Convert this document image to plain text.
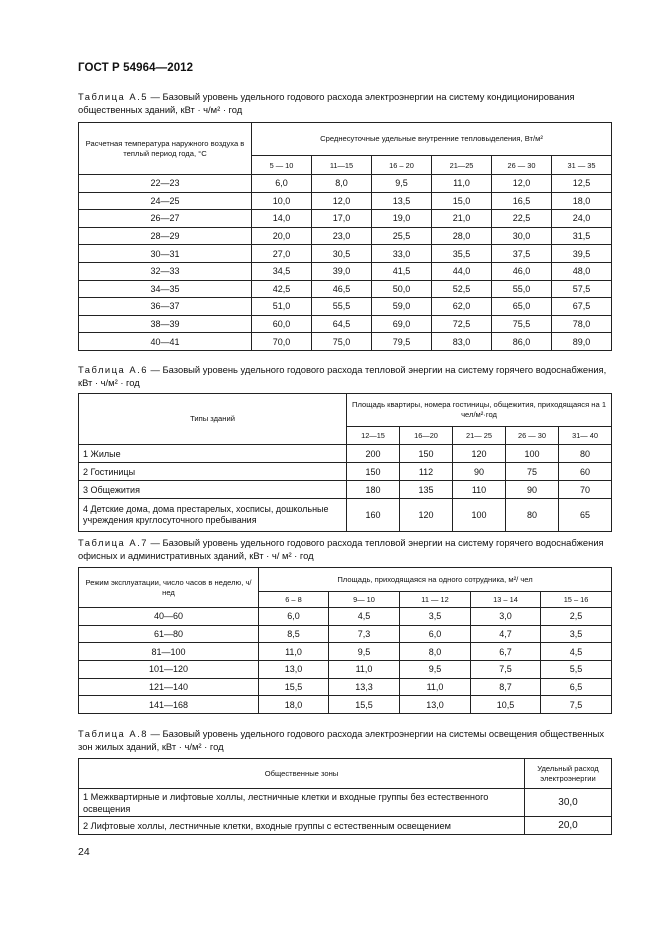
ГОСТ Р 54964—2012
Таблица А.5 — Базовый уровень удельного годового расхода электроэнергии на систему кондиционирования общественных зданий, кВт · ч/м² · год
Расчетная температура наружного воздуха в теплый период года, °С	Среднесуточные удельные внутренние тепловыделения, Вт/м²					
	5 — 10	11—15	16 – 20	21—25	26 — 30	31 — 35
22—23	6,0	8,0	9,5	11,0	12,0	12,5
24—25	10,0	12,0	13,5	15,0	16,5	18,0
26—27	14,0	17,0	19,0	21,0	22,5	24,0
28—29	20,0	23,0	25,5	28,0	30,0	31,5
30—31	27,0	30,5	33,0	35,5	37,5	39,5
32—33	34,5	39,0	41,5	44,0	46,0	48,0
34—35	42,5	46,5	50,0	52,5	55,0	57,5
36—37	51,0	55,5	59,0	62,0	65,0	67,5
38—39	60,0	64,5	69,0	72,5	75,5	78,0
40—41	70,0	75,0	79,5	83,0	86,0	89,0
Таблица А.6 — Базовый уровень удельного годового расхода тепловой энергии на систему горячего водоснабжения, кВт · ч/м² · год
Типы зданий	Площадь квартиры, номера гостиницы, общежития, приходящаяся на 1 чел/м²·год				
	12—15	16—20	21— 25	26 — 30	31— 40
1 Жилые	200	150	120	100	80
2 Гостиницы	150	112	90	75	60
3 Общежития	180	135	110	90	70
4 Детские дома, дома престарелых, хосписы, дошкольные учреждения круглосуточного пребывания	160	120	100	80	65
Таблица А.7 — Базовый уровень удельного годового расхода тепловой энергии на систему горячего водоснабжения офисных и административных зданий, кВт · ч/ м² · год
Режим эксплуатации, число часов в неделю, ч/нед	Площадь, приходящаяся на одного сотрудника, м²/ чел				
	6 – 8	9— 10	11 — 12	13 – 14	15 – 16
40—60	6,0	4,5	3,5	3,0	2,5
61—80	8,5	7,3	6,0	4,7	3,5
81—100	11,0	9,5	8,0	6,7	4,5
101—120	13,0	11,0	9,5	7,5	5,5
121—140	15,5	13,3	11,0	8,7	6,5
141—168	18,0	15,5	13,0	10,5	7,5
Таблица А.8 — Базовый уровень удельного годового расхода электроэнергии на системы освещения общественных зон жилых зданий, кВт · ч/м² · год
Общественные зоны	Удельный расход электроэнергии
1 Межквартирные и лифтовые холлы, лестничные клетки и входные группы без естественного освещения	30,0
2 Лифтовые холлы, лестничные клетки, входные группы с естественным освещением	20,0
24
